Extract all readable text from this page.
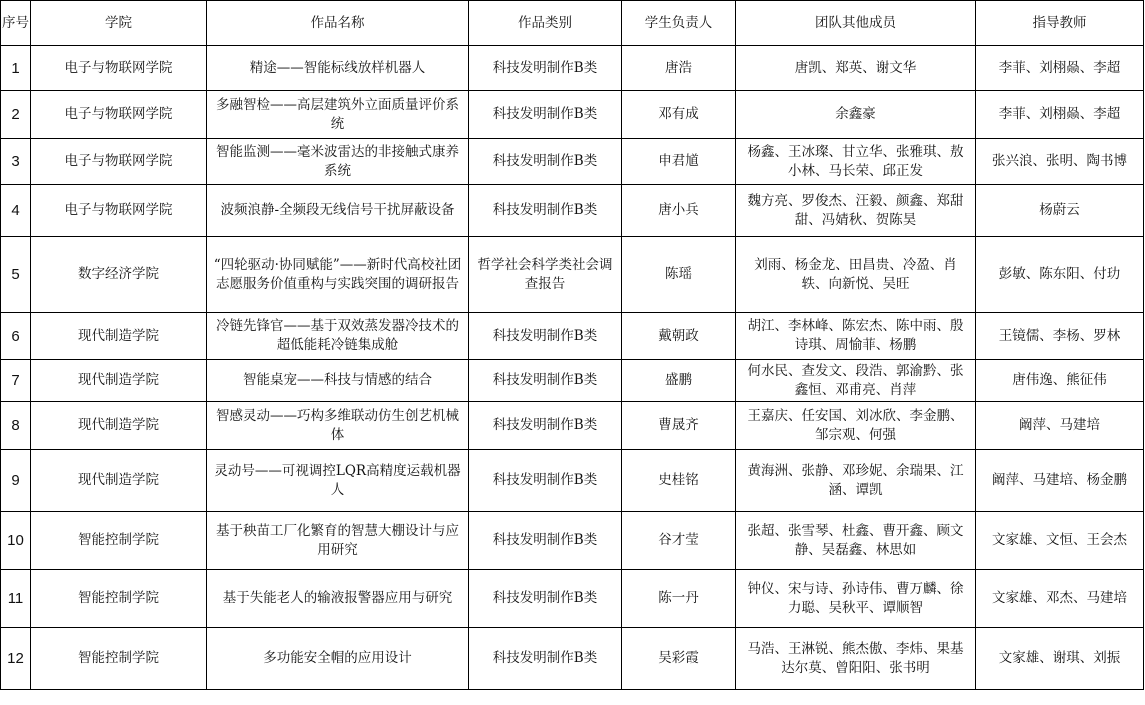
序号	学院	作品名称	作品类别	学生负责人	团队其他成员	指导教师
1	电子与物联网学院	精途——智能标线放样机器人	科技发明制作B类	唐浩	唐凯、郑英、谢文华	李菲、刘栩赑、李超
2	电子与物联网学院	多融智检——高层建筑外立面质量评价系统	科技发明制作B类	邓有成	余鑫豪	李菲、刘栩赑、李超
3	电子与物联网学院	智能监测——毫米波雷达的非接触式康养系统	科技发明制作B类	申君馗	杨鑫、王冰璨、甘立华、张雅琪、敖小林、马长荣、邱正发	张兴浪、张明、陶书博
4	电子与物联网学院	波频浪静-全频段无线信号干扰屏蔽设备	科技发明制作B类	唐小兵	魏方亮、罗俊杰、汪毅、颜鑫、郑甜甜、冯婧秋、贺陈昊	杨蔚云
5	数字经济学院	“四轮驱动·协同赋能”——新时代高校社团志愿服务价值重构与实践突围的调研报告	哲学社会科学类社会调查报告	陈瑶	刘雨、杨金龙、田昌贵、冷盈、肖轶、向新悦、吴旺	彭敏、陈东阳、付玏
6	现代制造学院	冷链先锋官——基于双效蒸发器冷技术的超低能耗冷链集成舱	科技发明制作B类	戴朝政	胡江、李林峰、陈宏杰、陈中雨、殷诗琪、周愉菲、杨鹏	王镜儒、李杨、罗林
7	现代制造学院	智能桌宠——科技与情感的结合	科技发明制作B类	盛鹏	何水民、查发文、段浩、郭渝黔、张鑫恒、邓甫亮、肖萍	唐伟逸、熊征伟
8	现代制造学院	智感灵动——巧构多维联动仿生创艺机械体	科技发明制作B类	曹晟齐	王嘉庆、任安国、刘冰欣、李金鹏、邹宗观、何强	阚萍、马建培
9	现代制造学院	灵动号——可视调控LQR高精度运载机器人	科技发明制作B类	史桂铭	黄海洲、张静、邓珍妮、余瑞果、江涵、谭凯	阚萍、马建培、杨金鹏
10	智能控制学院	基于秧苗工厂化繁育的智慧大棚设计与应用研究	科技发明制作B类	谷才莹	张超、张雪琴、杜鑫、曹开鑫、顾文静、吴磊鑫、林思如	文家雄、文恒、王会杰
11	智能控制学院	基于失能老人的输液报警器应用与研究	科技发明制作B类	陈一丹	钟仪、宋与诗、孙诗伟、曹万麟、徐力聪、吴秋平、谭顺智	文家雄、邓杰、马建培
12	智能控制学院	多功能安全帽的应用设计	科技发明制作B类	吴彩霞	马浩、王淋锐、熊杰傲、李炜、果基达尔莫、曾阳阳、张书明	文家雄、谢琪、刘振
